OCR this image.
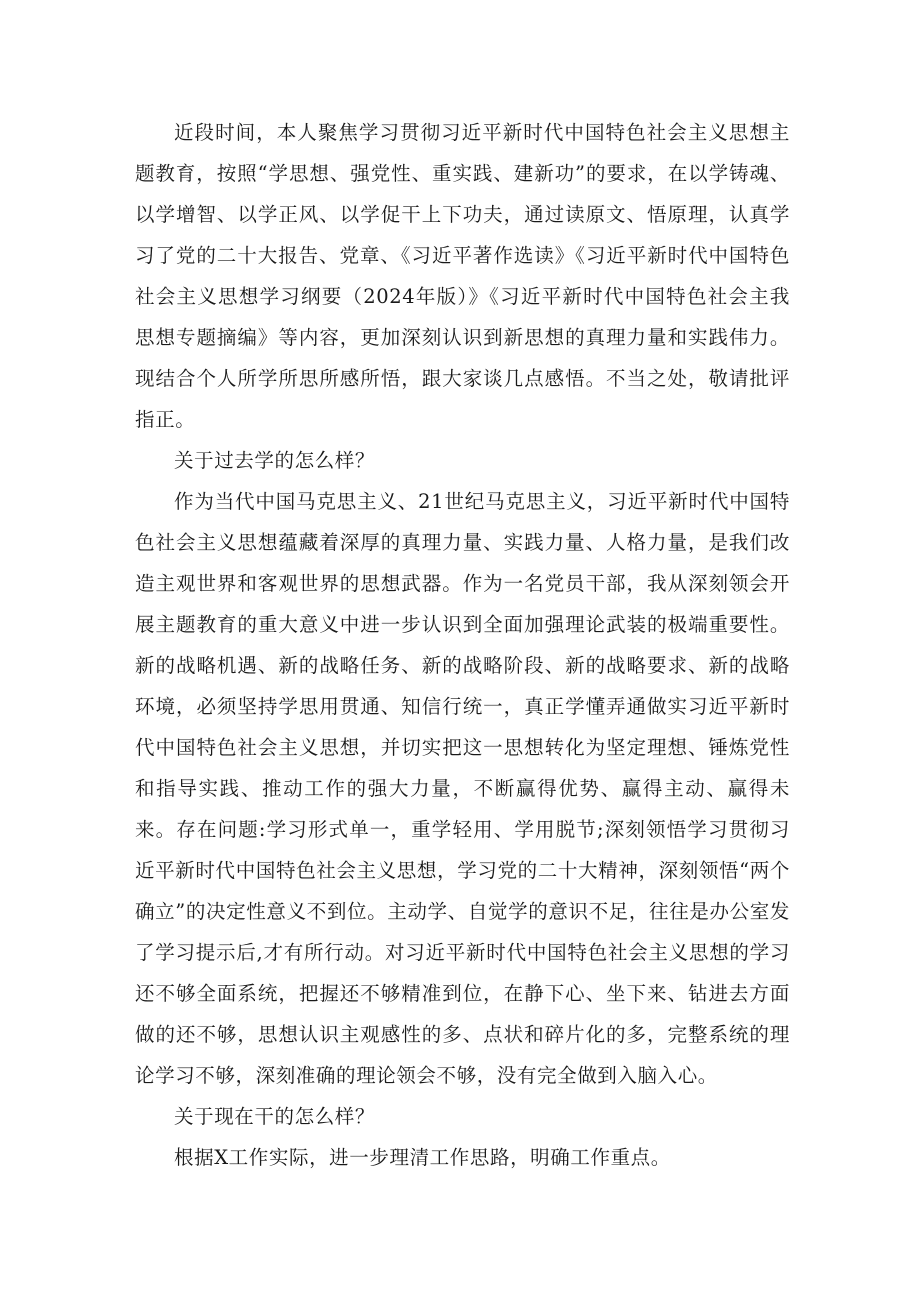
近段时间，本人聚焦学习贯彻习近平新时代中国特色社会主义思想主题教育，按照“学思想、强党性、重实践、建新功”的要求，在以学铸魂、以学增智、以学正风、以学促干上下功夫，通过读原文、悟原理，认真学习了党的二十大报告、党章、《习近平著作选读》《习近平新时代中国特色社会主义思想学习纲要（2024年版）》《习近平新时代中国特色社会主我思想专题摘编》等内容，更加深刻认识到新思想的真理力量和实践伟力。现结合个人所学所思所感所悟，跟大家谈几点感悟。不当之处，敬请批评指正。

关于过去学的怎么样？

作为当代中国马克思主义、21世纪马克思主义，习近平新时代中国特色社会主义思想蕴藏着深厚的真理力量、实践力量、人格力量，是我们改造主观世界和客观世界的思想武器。作为一名党员干部，我从深刻领会开展主题教育的重大意义中进一步认识到全面加强理论武装的极端重要性。新的战略机遇、新的战略任务、新的战略阶段、新的战略要求、新的战略环境，必须坚持学思用贯通、知信行统一，真正学懂弄通做实习近平新时代中国特色社会主义思想，并切实把这一思想转化为坚定理想、锤炼党性和指导实践、推动工作的强大力量，不断赢得优势、赢得主动、赢得未来。存在问题:学习形式单一，重学轻用、学用脱节;深刻领悟学习贯彻习近平新时代中国特色社会主义思想，学习党的二十大精神，深刻领悟“两个确立”的决定性意义不到位。主动学、自觉学的意识不足，往往是办公室发了学习提示后,才有所行动。对习近平新时代中国特色社会主义思想的学习还不够全面系统，把握还不够精准到位，在静下心、坐下来、钻进去方面做的还不够，思想认识主观感性的多、点状和碎片化的多，完整系统的理论学习不够，深刻准确的理论领会不够，没有完全做到入脑入心。

关于现在干的怎么样？

根据X工作实际，进一步理清工作思路，明确工作重点。
